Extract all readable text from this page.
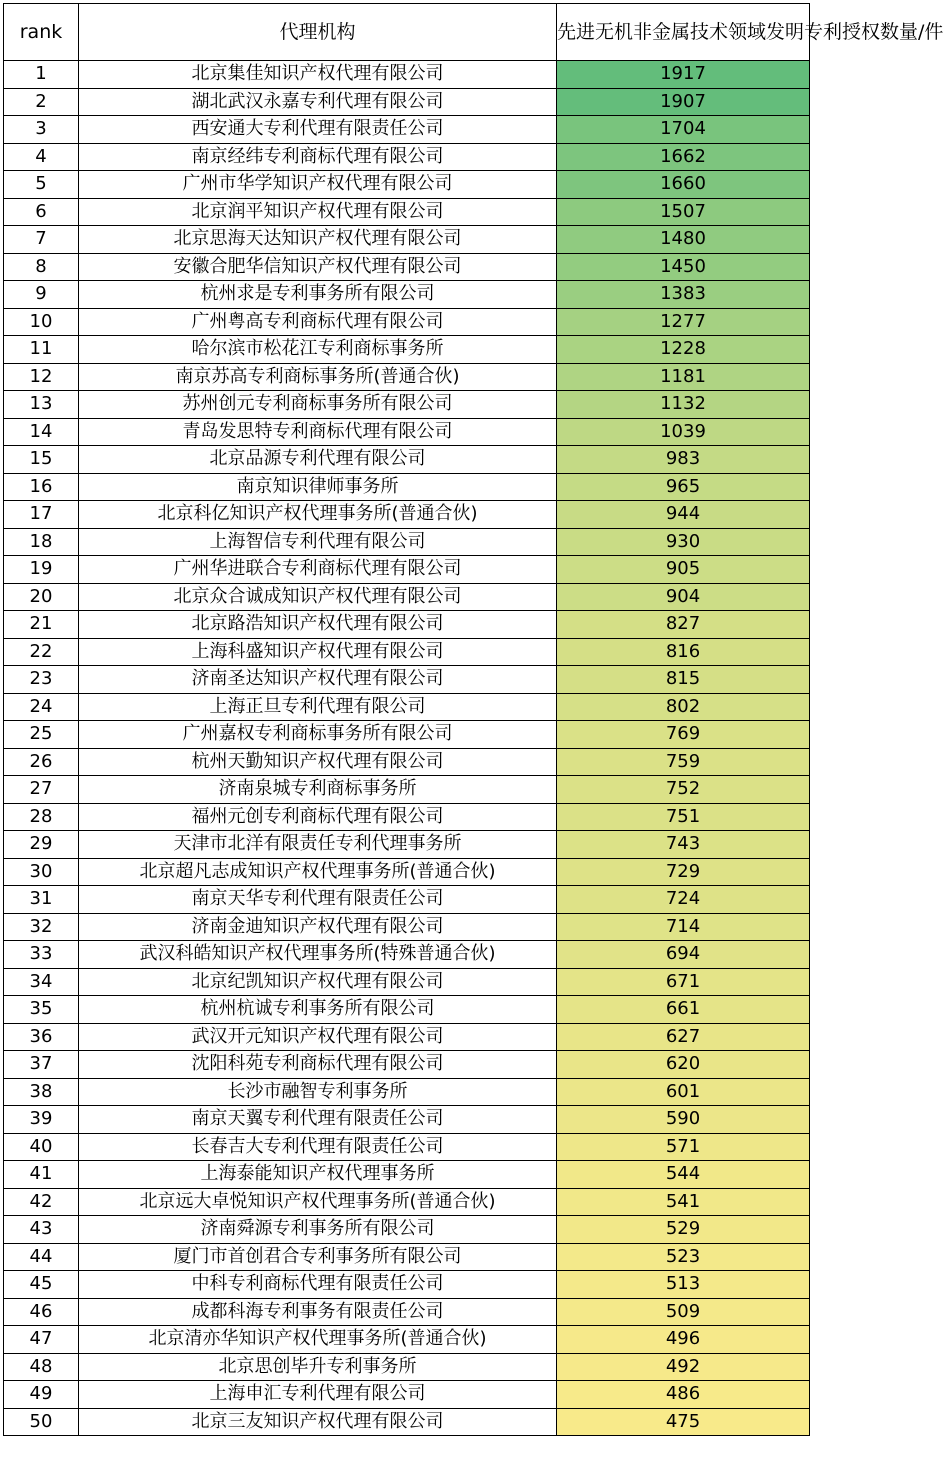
rank	代理机构	先进无机非金属技术领域发明专利授权数量/件
1	北京集佳知识产权代理有限公司	1917
2	湖北武汉永嘉专利代理有限公司	1907
3	西安通大专利代理有限责任公司	1704
4	南京经纬专利商标代理有限公司	1662
5	广州市华学知识产权代理有限公司	1660
6	北京润平知识产权代理有限公司	1507
7	北京思海天达知识产权代理有限公司	1480
8	安徽合肥华信知识产权代理有限公司	1450
9	杭州求是专利事务所有限公司	1383
10	广州粤高专利商标代理有限公司	1277
11	哈尔滨市松花江专利商标事务所	1228
12	南京苏高专利商标事务所(普通合伙)	1181
13	苏州创元专利商标事务所有限公司	1132
14	青岛发思特专利商标代理有限公司	1039
15	北京品源专利代理有限公司	983
16	南京知识律师事务所	965
17	北京科亿知识产权代理事务所(普通合伙)	944
18	上海智信专利代理有限公司	930
19	广州华进联合专利商标代理有限公司	905
20	北京众合诚成知识产权代理有限公司	904
21	北京路浩知识产权代理有限公司	827
22	上海科盛知识产权代理有限公司	816
23	济南圣达知识产权代理有限公司	815
24	上海正旦专利代理有限公司	802
25	广州嘉权专利商标事务所有限公司	769
26	杭州天勤知识产权代理有限公司	759
27	济南泉城专利商标事务所	752
28	福州元创专利商标代理有限公司	751
29	天津市北洋有限责任专利代理事务所	743
30	北京超凡志成知识产权代理事务所(普通合伙)	729
31	南京天华专利代理有限责任公司	724
32	济南金迪知识产权代理有限公司	714
33	武汉科皓知识产权代理事务所(特殊普通合伙)	694
34	北京纪凯知识产权代理有限公司	671
35	杭州杭诚专利事务所有限公司	661
36	武汉开元知识产权代理有限公司	627
37	沈阳科苑专利商标代理有限公司	620
38	长沙市融智专利事务所	601
39	南京天翼专利代理有限责任公司	590
40	长春吉大专利代理有限责任公司	571
41	上海泰能知识产权代理事务所	544
42	北京远大卓悦知识产权代理事务所(普通合伙)	541
43	济南舜源专利事务所有限公司	529
44	厦门市首创君合专利事务所有限公司	523
45	中科专利商标代理有限责任公司	513
46	成都科海专利事务有限责任公司	509
47	北京清亦华知识产权代理事务所(普通合伙)	496
48	北京思创毕升专利事务所	492
49	上海申汇专利代理有限公司	486
50	北京三友知识产权代理有限公司	475
